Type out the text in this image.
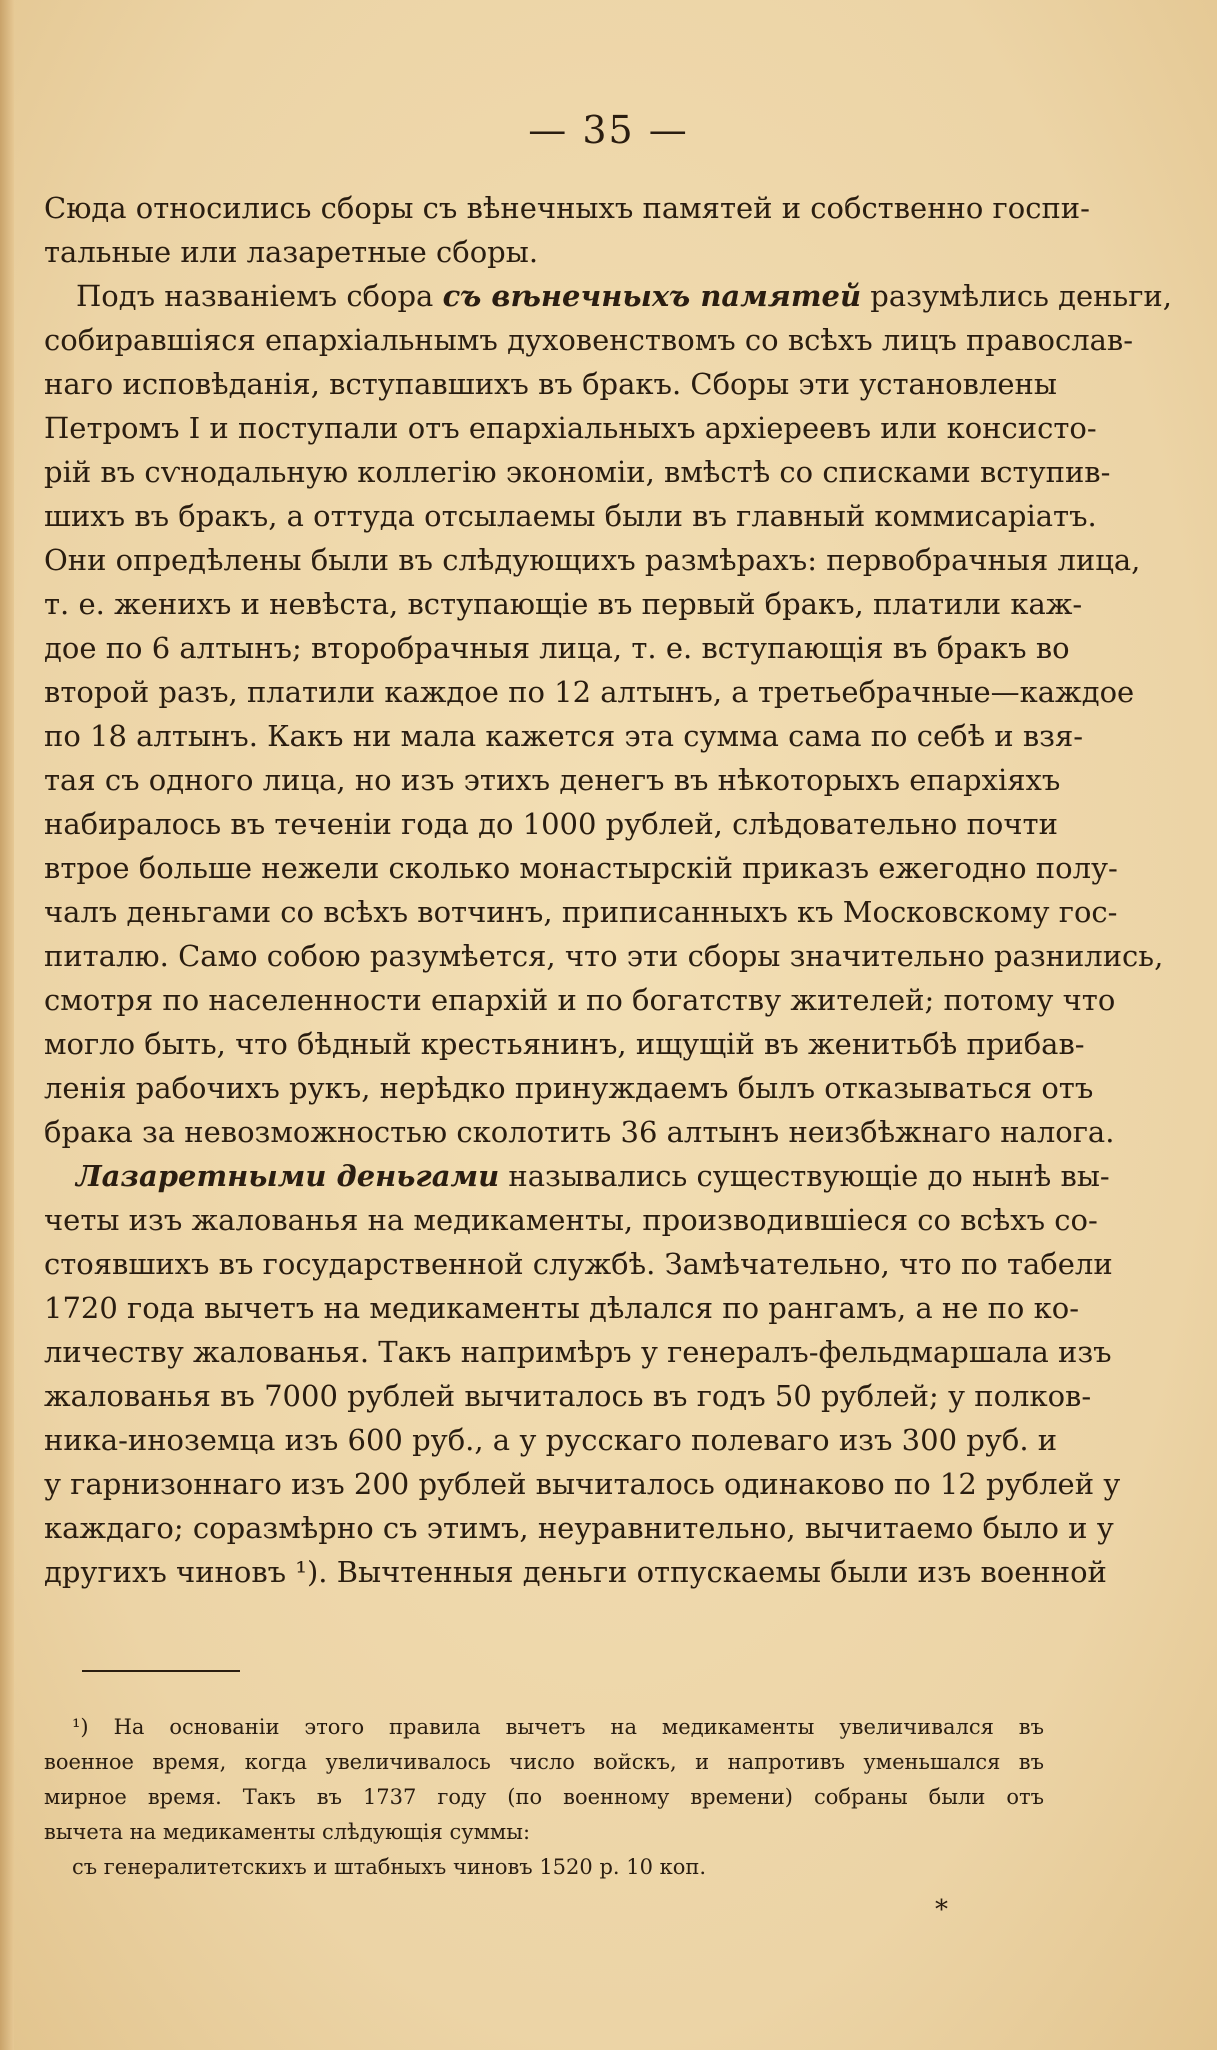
— 35 —
Сюда относились сборы съ вѣнечныхъ памятей и собственно госпи-
тальные или лазаретные сборы.
Подъ названіемъ сбора съ вѣнечныхъ памятей разумѣлись деньги,
собиравшіяся епархіальнымъ духовенствомъ со всѣхъ лицъ православ-
наго исповѣданія, вступавшихъ въ бракъ. Сборы эти установлены
Петромъ I и поступали отъ епархіальныхъ архіереевъ или консисто-
рій въ сѵнодальную коллегію экономіи, вмѣстѣ со списками вступив-
шихъ въ бракъ, а оттуда отсылаемы были въ главный коммисаріатъ.
Они опредѣлены были въ слѣдующихъ размѣрахъ: первобрачныя лица,
т. е. женихъ и невѣста, вступающіе въ первый бракъ, платили каж-
дое по 6 алтынъ; второбрачныя лица, т. е. вступающія въ бракъ во
второй разъ, платили каждое по 12 алтынъ, а третьебрачные—каждое
по 18 алтынъ. Какъ ни мала кажется эта сумма сама по себѣ и взя-
тая съ одного лица, но изъ этихъ денегъ въ нѣкоторыхъ епархіяхъ
набиралось въ теченіи года до 1000 рублей, слѣдовательно почти
втрое больше нежели сколько монастырскій приказъ ежегодно полу-
чалъ деньгами со всѣхъ вотчинъ, приписанныхъ къ Московскому гос-
питалю. Само собою разумѣется, что эти сборы значительно разнились,
смотря по населенности епархій и по богатству жителей; потому что
могло быть, что бѣдный крестьянинъ, ищущій въ женитьбѣ прибав-
ленія рабочихъ рукъ, нерѣдко принуждаемъ былъ отказываться отъ
брака за невозможностью сколотить 36 алтынъ неизбѣжнаго налога.
Лазаретными деньгами назывались существующіе до нынѣ вы-
четы изъ жалованья на медикаменты, производившіеся со всѣхъ со-
стоявшихъ въ государственной службѣ. Замѣчательно, что по табели
1720 года вычетъ на медикаменты дѣлался по рангамъ, а не по ко-
личеству жалованья. Такъ напримѣръ у генералъ-фельдмаршала изъ
жалованья въ 7000 рублей вычиталось въ годъ 50 рублей; у полков-
ника-иноземца изъ 600 руб., а у русскаго полеваго изъ 300 руб. и
у гарнизоннаго изъ 200 рублей вычиталось одинаково по 12 рублей у
каждаго; соразмѣрно съ этимъ, неуравнительно, вычитаемо было и у
другихъ чиновъ ¹). Вычтенныя деньги отпускаемы были изъ военной
¹) На основаніи этого правила вычетъ на медикаменты увеличивался въ
военное время, когда увеличивалось число войскъ, и напротивъ уменьшался въ
мирное время. Такъ въ 1737 году (по военному времени) собраны были отъ
вычета на медикаменты слѣдующія суммы:
съ генералитетскихъ и штабныхъ чиновъ 1520 р. 10 коп.
*
